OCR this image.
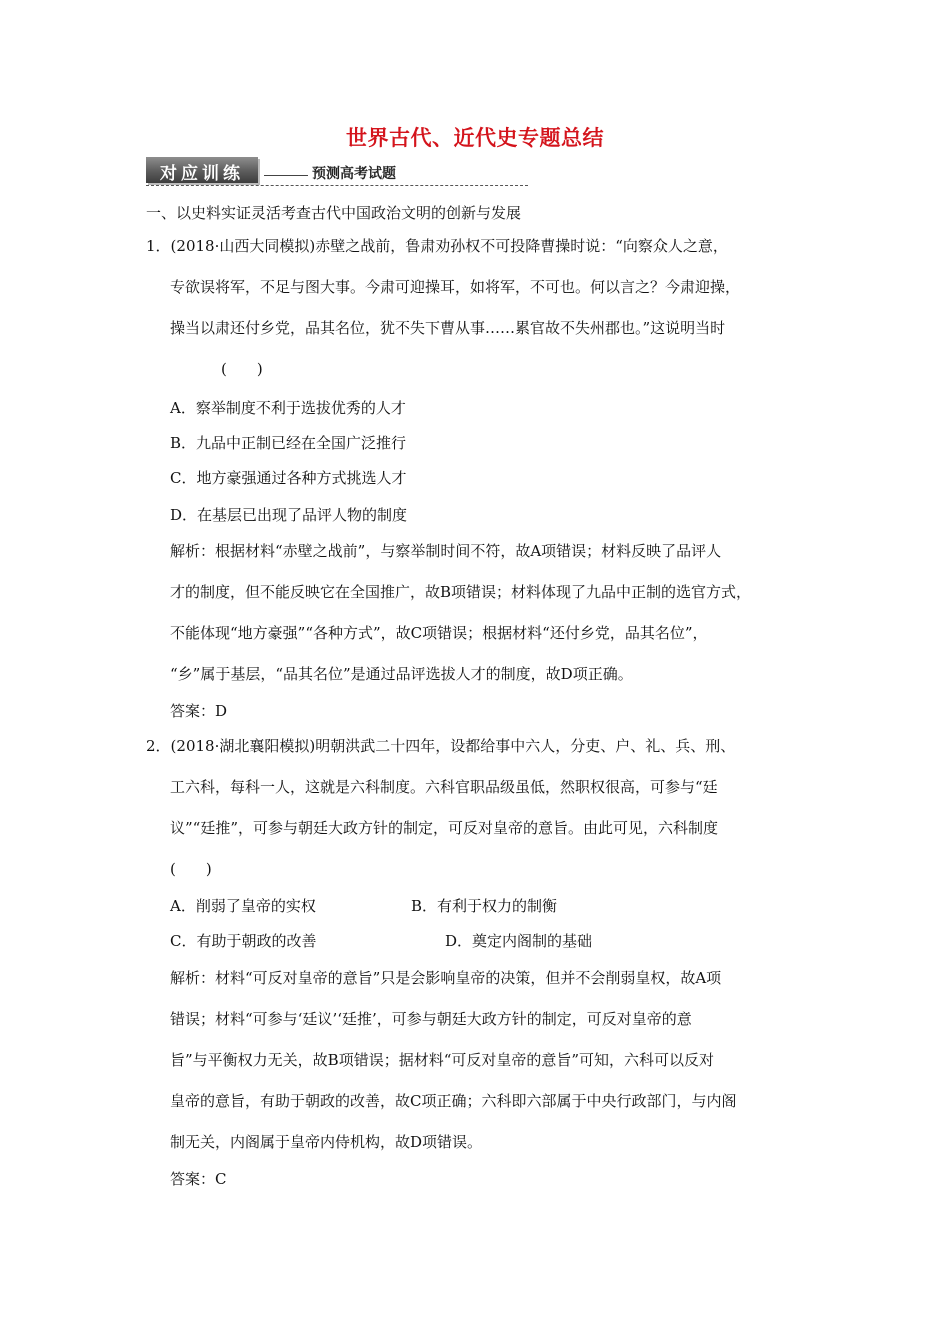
世界古代、近代史专题总结
对应训练	预测高考试题
一、以史料实证灵活考查古代中国政治文明的创新与发展
1．(2018·山西大同模拟)赤壁之战前，鲁肃劝孙权不可投降曹操时说：“向察众人之意，
专欲误将军，不足与图大事。今肃可迎操耳，如将军，不可也。何以言之？今肃迎操，
操当以肃还付乡党，品其名位，犹不失下曹从事……累官故不失州郡也。”这说明当时
(　　)
A．察举制度不利于选拔优秀的人才
B．九品中正制已经在全国广泛推行
C．地方豪强通过各种方式挑选人才
D．在基层已出现了品评人物的制度
解析：根据材料“赤壁之战前”，与察举制时间不符，故A项错误；材料反映了品评人
才的制度，但不能反映它在全国推广，故B项错误；材料体现了九品中正制的选官方式，
不能体现“地方豪强”“各种方式”，故C项错误；根据材料“还付乡党，品其名位”，
“乡”属于基层，“品其名位”是通过品评选拔人才的制度，故D项正确。
答案：D
2．(2018·湖北襄阳模拟)明朝洪武二十四年，设都给事中六人，分吏、户、礼、兵、刑、
工六科，每科一人，这就是六科制度。六科官职品级虽低，然职权很高，可参与“廷
议”“廷推”，可参与朝廷大政方针的制定，可反对皇帝的意旨。由此可见，六科制度
(　　)
A．削弱了皇帝的实权	B．有利于权力的制衡
C．有助于朝政的改善	D．奠定内阁制的基础
解析：材料“可反对皇帝的意旨”只是会影响皇帝的决策，但并不会削弱皇权，故A项
错误；材料“可参与‘廷议’‘廷推’，可参与朝廷大政方针的制定，可反对皇帝的意
旨”与平衡权力无关，故B项错误；据材料“可反对皇帝的意旨”可知，六科可以反对
皇帝的意旨，有助于朝政的改善，故C项正确；六科即六部属于中央行政部门，与内阁
制无关，内阁属于皇帝内侍机构，故D项错误。
答案：C
